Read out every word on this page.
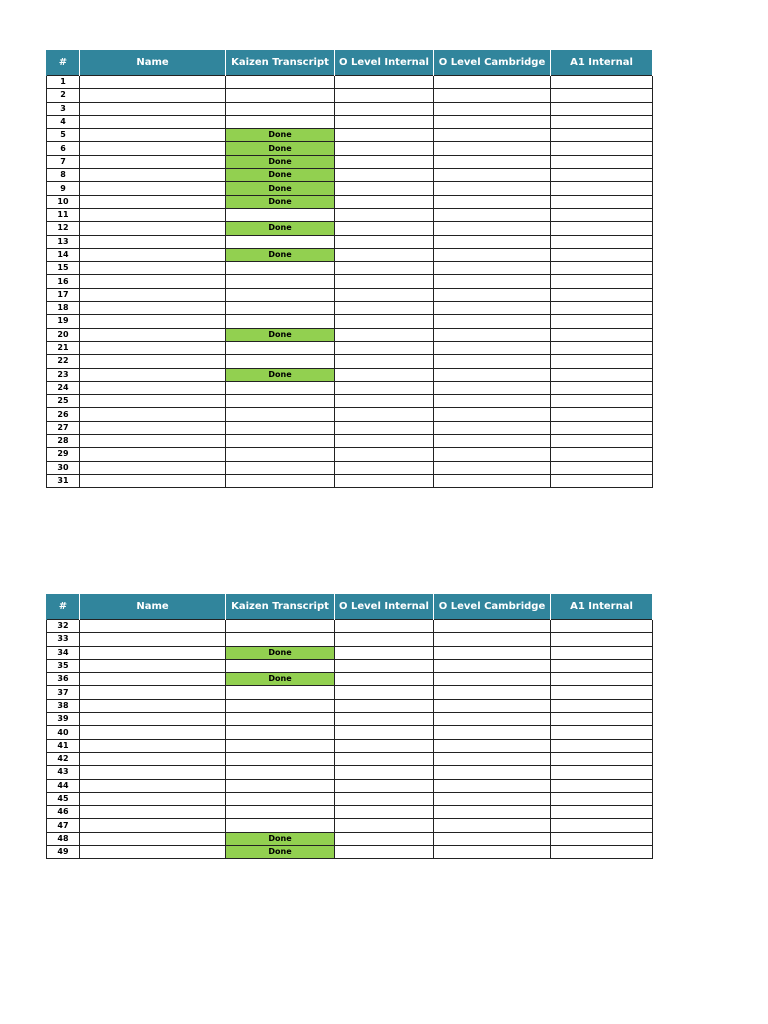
#	Name	Kaizen Transcript	O Level Internal	O Level Cambridge	A1 Internal
1					
2					
3					
4					
5		Done			
6		Done			
7		Done			
8		Done			
9		Done			
10		Done			
11					
12		Done			
13					
14		Done			
15					
16					
17					
18					
19					
20		Done			
21					
22					
23		Done			
24					
25					
26					
27					
28					
29					
30					
31					
#	Name	Kaizen Transcript	O Level Internal	O Level Cambridge	A1 Internal
32					
33					
34		Done			
35					
36		Done			
37					
38					
39					
40					
41					
42					
43					
44					
45					
46					
47					
48		Done			
49		Done			
